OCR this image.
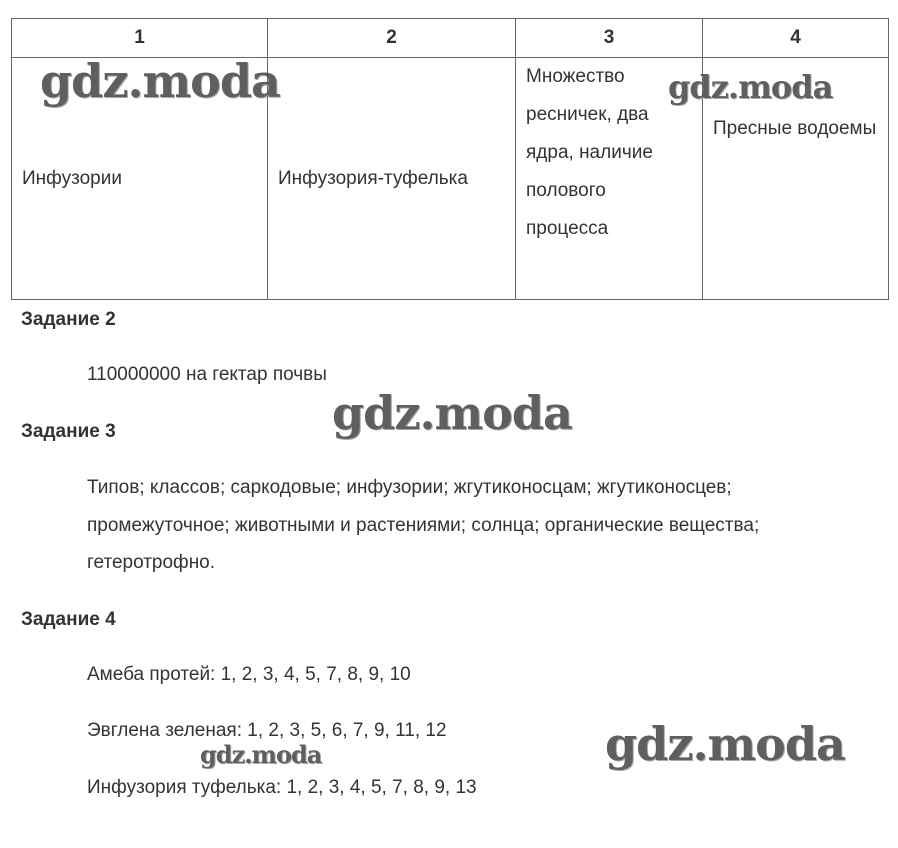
1	2	3	4
Инфузории	Инфузория-туфелька	Множество ресничек, два ядра, наличие полового процесса	Пресные водоемы
Задание 2
110000000 на гектар почвы
Задание 3
Типов; классов; саркодовые; инфузории; жгутиконосцам; жгутиконосцев;
промежуточное; животными и растениями; солнца; органические вещества;
гетеротрофно.
Задание 4
Амеба протей: 1, 2, 3, 4, 5, 7, 8, 9, 10
Эвглена зеленая: 1, 2, 3, 5, 6, 7, 9, 11, 12
Инфузория туфелька: 1, 2, 3, 4, 5, 7, 8, 9, 13
gdz.moda	gdz.moda
gdz.moda
gdz.moda
gdz.moda
